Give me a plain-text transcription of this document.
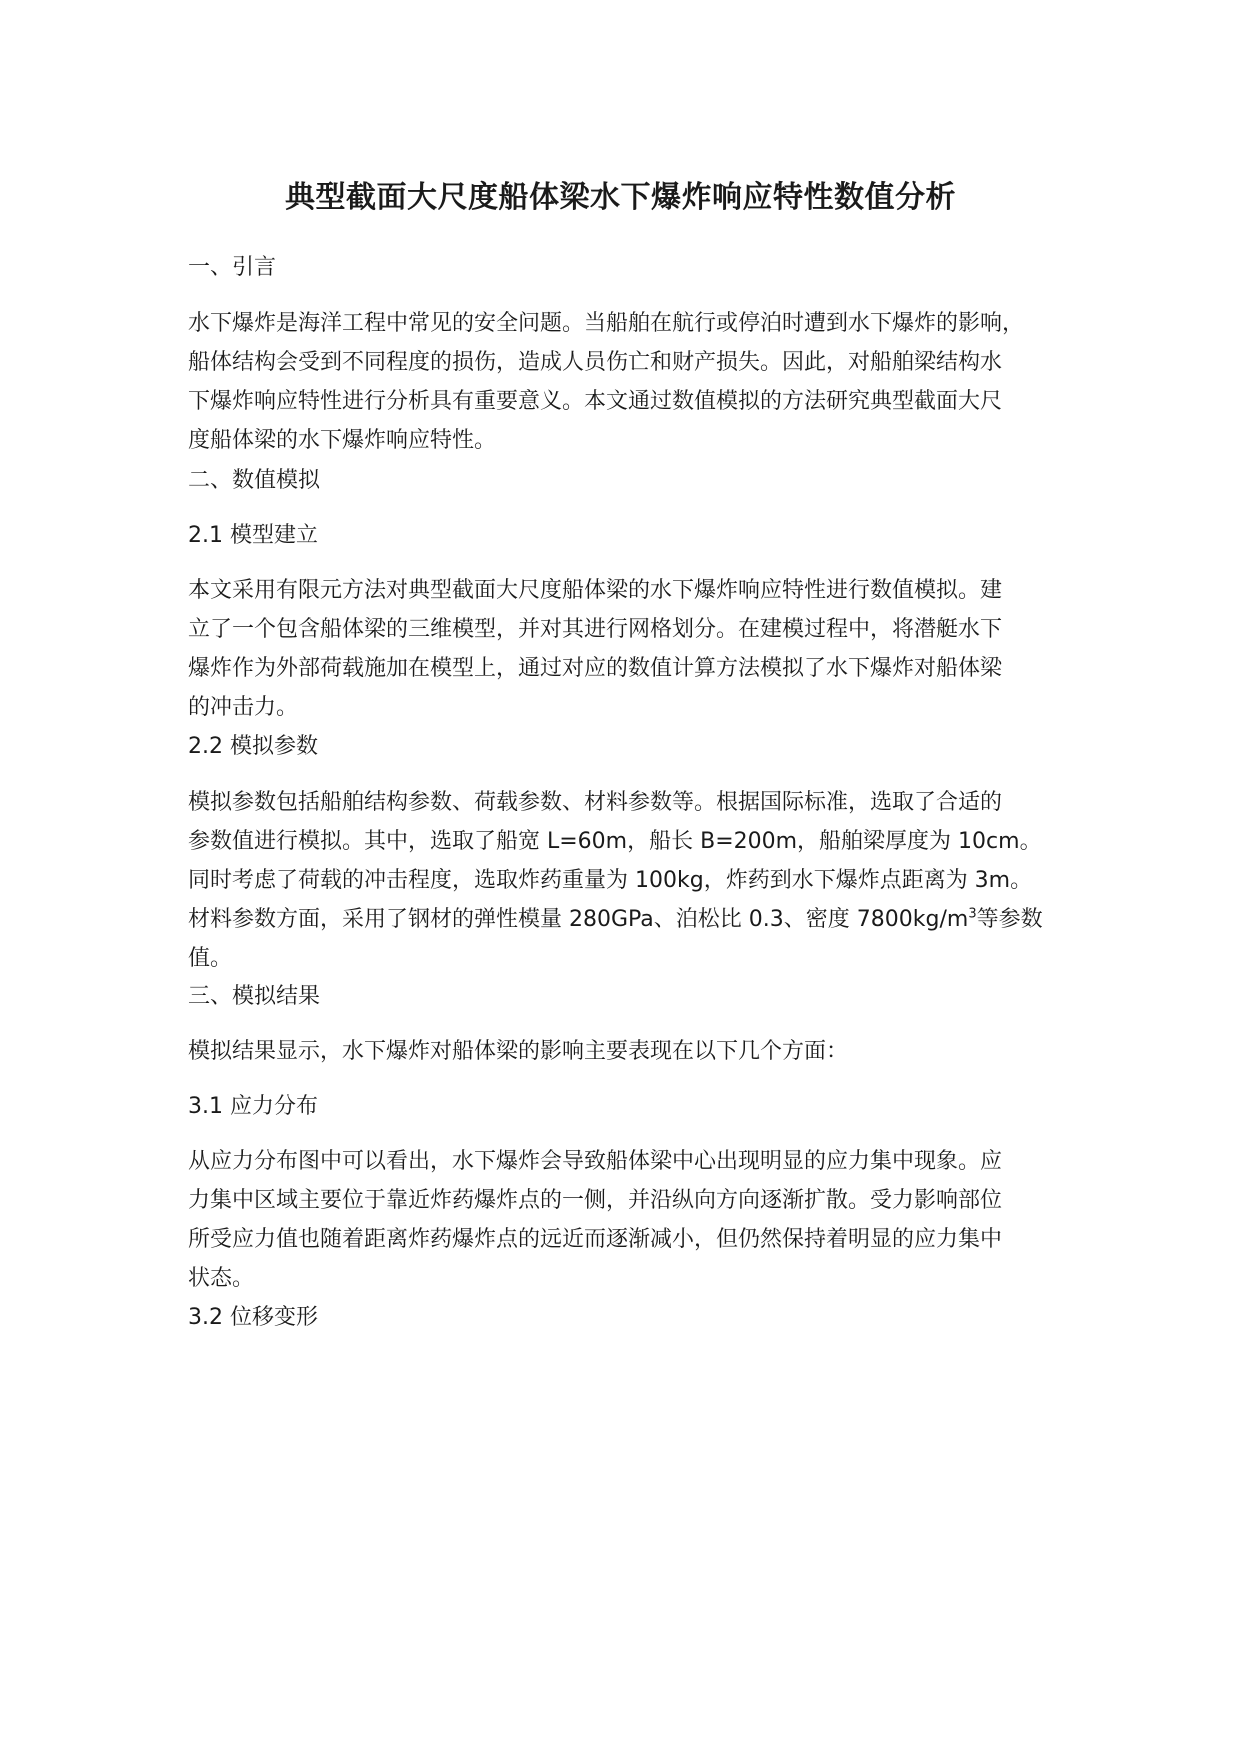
典型截面大尺度船体梁水下爆炸响应特性数值分析

一、引言

水下爆炸是海洋工程中常见的安全问题。当船舶在航行或停泊时遭到水下爆炸的影响，
船体结构会受到不同程度的损伤，造成人员伤亡和财产损失。因此，对船舶梁结构水
下爆炸响应特性进行分析具有重要意义。本文通过数值模拟的方法研究典型截面大尺
度船体梁的水下爆炸响应特性。

二、数值模拟

2.1 模型建立

本文采用有限元方法对典型截面大尺度船体梁的水下爆炸响应特性进行数值模拟。建
立了一个包含船体梁的三维模型，并对其进行网格划分。在建模过程中，将潜艇水下
爆炸作为外部荷载施加在模型上，通过对应的数值计算方法模拟了水下爆炸对船体梁
的冲击力。

2.2 模拟参数

模拟参数包括船舶结构参数、荷载参数、材料参数等。根据国际标准，选取了合适的
参数值进行模拟。其中，选取了船宽 L=60m，船长 B=200m，船舶梁厚度为 10cm。
同时考虑了荷载的冲击程度，选取炸药重量为 100kg，炸药到水下爆炸点距离为 3m。
材料参数方面，采用了钢材的弹性模量 280GPa、泊松比 0.3、密度 $7800kg/m^3$等参数
值。

三、模拟结果

模拟结果显示，水下爆炸对船体梁的影响主要表现在以下几个方面：

3.1 应力分布

从应力分布图中可以看出，水下爆炸会导致船体梁中心出现明显的应力集中现象。应
力集中区域主要位于靠近炸药爆炸点的一侧，并沿纵向方向逐渐扩散。受力影响部位
所受应力值也随着距离炸药爆炸点的远近而逐渐减小，但仍然保持着明显的应力集中
状态。

3.2 位移变形
